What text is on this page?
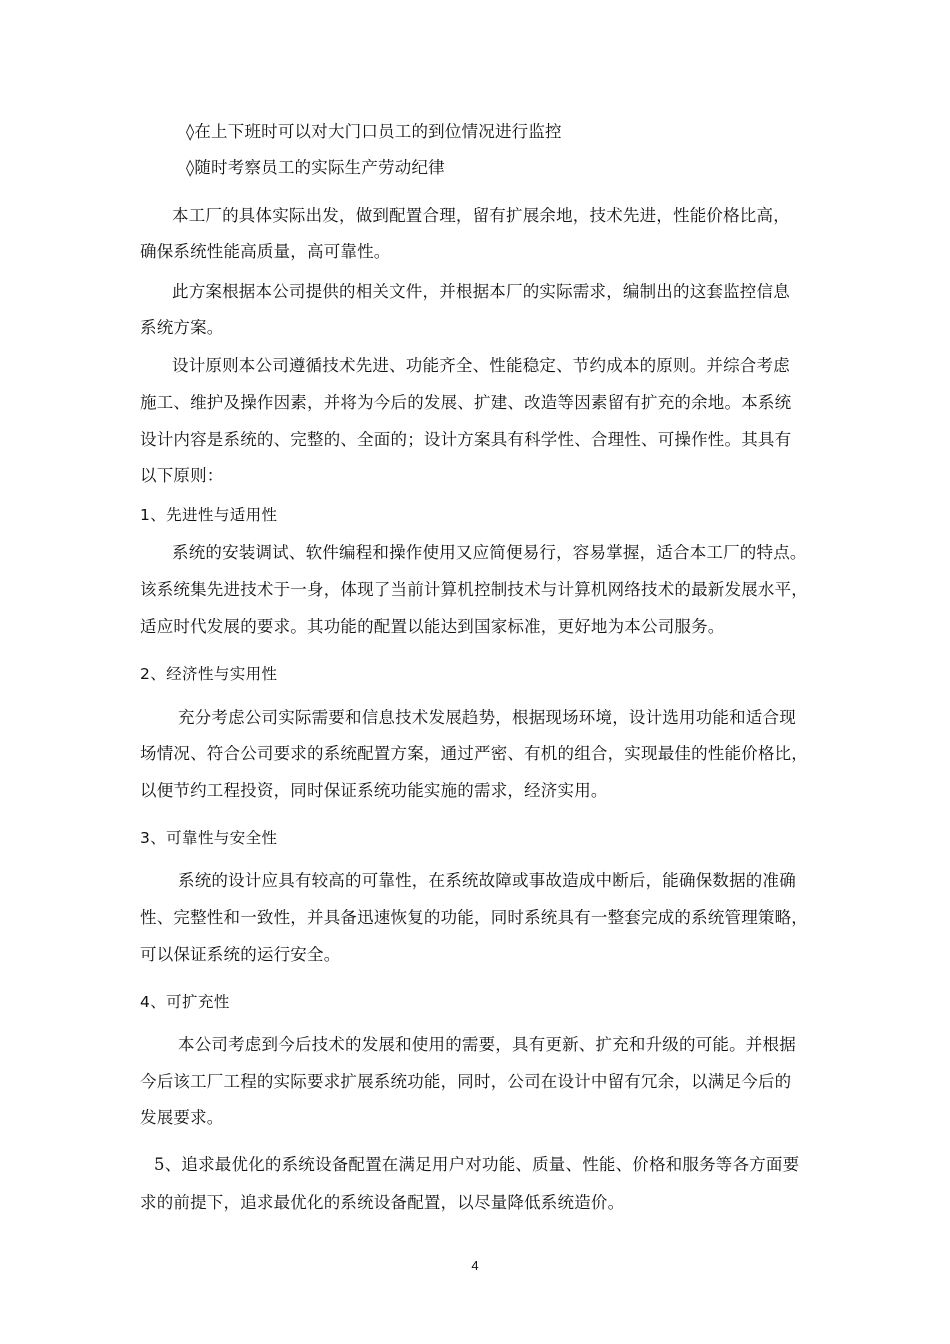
◊在上下班时可以对大门口员工的到位情况进行监控
◊随时考察员工的实际生产劳动纪律
本工厂的具体实际出发，做到配置合理，留有扩展余地，技术先进，性能价格比高，
确保系统性能高质量，高可靠性。
此方案根据本公司提供的相关文件，并根据本厂的实际需求，编制出的这套监控信息
系统方案。
设计原则本公司遵循技术先进、功能齐全、性能稳定、节约成本的原则。并综合考虑
施工、维护及操作因素，并将为今后的发展、扩建、改造等因素留有扩充的余地。本系统
设计内容是系统的、完整的、全面的；设计方案具有科学性、合理性、可操作性。其具有
以下原则：
1、先进性与适用性
系统的安装调试、软件编程和操作使用又应简便易行，容易掌握，适合本工厂的特点。
该系统集先进技术于一身，体现了当前计算机控制技术与计算机网络技术的最新发展水平，
适应时代发展的要求。其功能的配置以能达到国家标准，更好地为本公司服务。
2、经济性与实用性
充分考虑公司实际需要和信息技术发展趋势，根据现场环境，设计选用功能和适合现
场情况、符合公司要求的系统配置方案，通过严密、有机的组合，实现最佳的性能价格比，
以便节约工程投资，同时保证系统功能实施的需求，经济实用。
3、可靠性与安全性
系统的设计应具有较高的可靠性，在系统故障或事故造成中断后，能确保数据的准确
性、完整性和一致性，并具备迅速恢复的功能，同时系统具有一整套完成的系统管理策略，
可以保证系统的运行安全。
4、可扩充性
本公司考虑到今后技术的发展和使用的需要，具有更新、扩充和升级的可能。并根据
今后该工厂工程的实际要求扩展系统功能，同时，公司在设计中留有冗余，以满足今后的
发展要求。
5、追求最优化的系统设备配置在满足用户对功能、质量、性能、价格和服务等各方面要
求的前提下，追求最优化的系统设备配置，以尽量降低系统造价。
4
